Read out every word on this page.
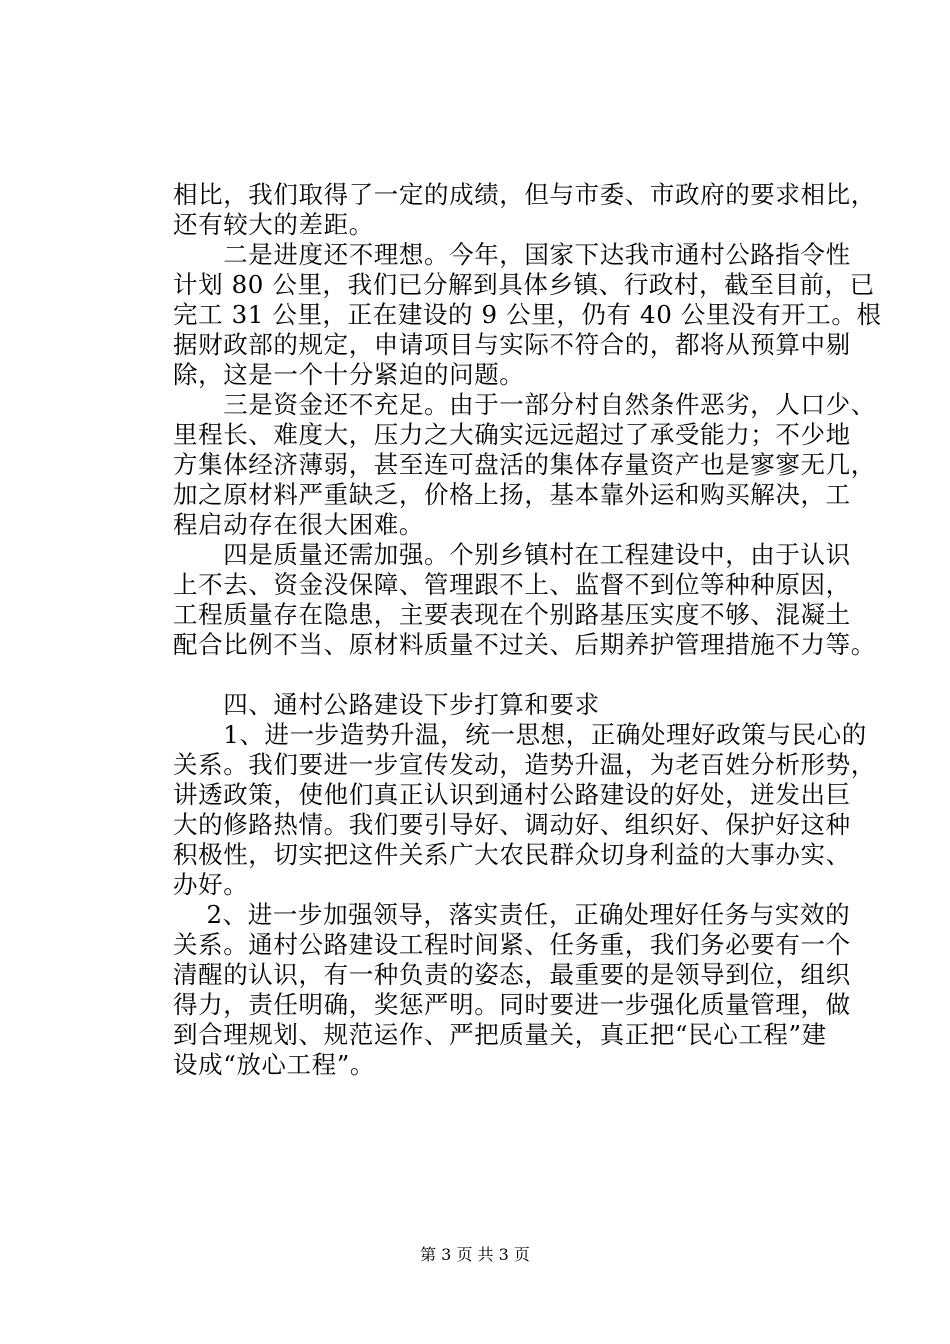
相比，我们取得了一定的成绩，但与市委、市政府的要求相比，
还有较大的差距。
　　二是进度还不理想。今年，国家下达我市通村公路指令性
计划 80 公里，我们已分解到具体乡镇、行政村，截至目前，已
完工 31 公里，正在建设的 9 公里，仍有 40 公里没有开工。根
据财政部的规定，申请项目与实际不符合的，都将从预算中剔
除，这是一个十分紧迫的问题。
　　三是资金还不充足。由于一部分村自然条件恶劣，人口少、
里程长、难度大，压力之大确实远远超过了承受能力；不少地
方集体经济薄弱，甚至连可盘活的集体存量资产也是寥寥无几，
加之原材料严重缺乏，价格上扬，基本靠外运和购买解决，工
程启动存在很大困难。
　　四是质量还需加强。个别乡镇村在工程建设中，由于认识
上不去、资金没保障、管理跟不上、监督不到位等种种原因，
工程质量存在隐患，主要表现在个别路基压实度不够、混凝土
配合比例不当、原材料质量不过关、后期养护管理措施不力等。
　　四、通村公路建设下步打算和要求
　　1、进一步造势升温，统一思想，正确处理好政策与民心的
关系。我们要进一步宣传发动，造势升温，为老百姓分析形势，
讲透政策，使他们真正认识到通村公路建设的好处，迸发出巨
大的修路热情。我们要引导好、调动好、组织好、保护好这种
积极性，切实把这件关系广大农民群众切身利益的大事办实、
办好。
　 2、进一步加强领导，落实责任，正确处理好任务与实效的
关系。通村公路建设工程时间紧、任务重，我们务必要有一个
清醒的认识，有一种负责的姿态，最重要的是领导到位，组织
得力，责任明确，奖惩严明。同时要进一步强化质量管理，做
到合理规划、规范运作、严把质量关，真正把“民心工程”建
设成“放心工程”。
第 3 页 共 3 页
